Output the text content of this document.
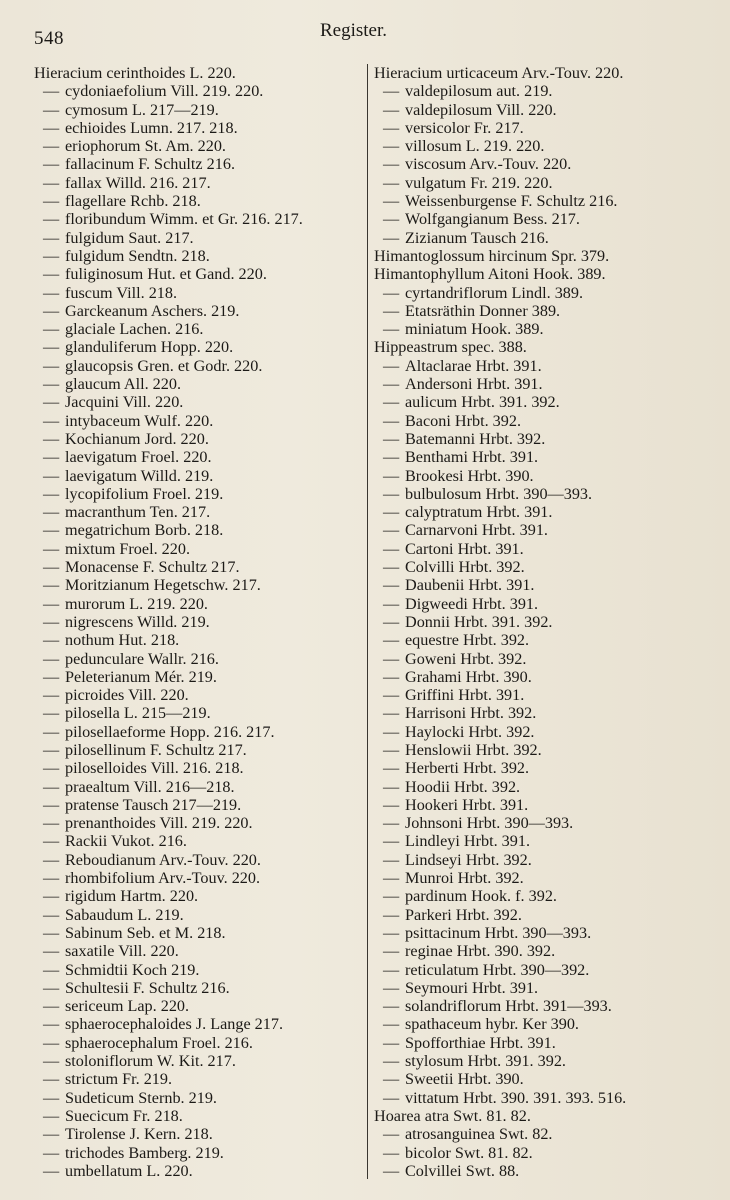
548	Register.
Hieracium cerinthoides L. 220.
— cydoniaefolium Vill. 219. 220.
— cymosum L. 217—219.
— echioides Lumn. 217. 218.
— eriophorum St. Am. 220.
— fallacinum F. Schultz 216.
— fallax Willd. 216. 217.
— flagellare Rchb. 218.
— floribundum Wimm. et Gr. 216. 217.
— fulgidum Saut. 217.
— fulgidum Sendtn. 218.
— fuliginosum Hut. et Gand. 220.
— fuscum Vill. 218.
— Garckeanum Aschers. 219.
— glaciale Lachen. 216.
— glanduliferum Hopp. 220.
— glaucopsis Gren. et Godr. 220.
— glaucum All. 220.
— Jacquini Vill. 220.
— intybaceum Wulf. 220.
— Kochianum Jord. 220.
— laevigatum Froel. 220.
— laevigatum Willd. 219.
— lycopifolium Froel. 219.
— macranthum Ten. 217.
— megatrichum Borb. 218.
— mixtum Froel. 220.
— Monacense F. Schultz 217.
— Moritzianum Hegetschw. 217.
— murorum L. 219. 220.
— nigrescens Willd. 219.
— nothum Hut. 218.
— pedunculare Wallr. 216.
— Peleterianum Mér. 219.
— picroides Vill. 220.
— pilosella L. 215—219.
— pilosellaeforme Hopp. 216. 217.
— pilosellinum F. Schultz 217.
— piloselloides Vill. 216. 218.
— praealtum Vill. 216—218.
— pratense Tausch 217—219.
— prenanthoides Vill. 219. 220.
— Rackii Vukot. 216.
— Reboudianum Arv.-Touv. 220.
— rhombifolium Arv.-Touv. 220.
— rigidum Hartm. 220.
— Sabaudum L. 219.
— Sabinum Seb. et M. 218.
— saxatile Vill. 220.
— Schmidtii Koch 219.
— Schultesii F. Schultz 216.
— sericeum Lap. 220.
— sphaerocephaloides J. Lange 217.
— sphaerocephalum Froel. 216.
— stoloniflorum W. Kit. 217.
— strictum Fr. 219.
— Sudeticum Sternb. 219.
— Suecicum Fr. 218.
— Tirolense J. Kern. 218.
— trichodes Bamberg. 219.
— umbellatum L. 220.
Hieracium urticaceum Arv.-Touv. 220.
— valdepilosum aut. 219.
— valdepilosum Vill. 220.
— versicolor Fr. 217.
— villosum L. 219. 220.
— viscosum Arv.-Touv. 220.
— vulgatum Fr. 219. 220.
— Weissenburgense F. Schultz 216.
— Wolfgangianum Bess. 217.
— Zizianum Tausch 216.
Himantoglossum hircinum Spr. 379.
Himantophyllum Aitoni Hook. 389.
— cyrtandriflorum Lindl. 389.
— Etatsräthin Donner 389.
— miniatum Hook. 389.
Hippeastrum spec. 388.
— Altaclarae Hrbt. 391.
— Andersoni Hrbt. 391.
— aulicum Hrbt. 391. 392.
— Baconi Hrbt. 392.
— Batemanni Hrbt. 392.
— Benthami Hrbt. 391.
— Brookesi Hrbt. 390.
— bulbulosum Hrbt. 390—393.
— calyptratum Hrbt. 391.
— Carnarvoni Hrbt. 391.
— Cartoni Hrbt. 391.
— Colvilli Hrbt. 392.
— Daubenii Hrbt. 391.
— Digweedi Hrbt. 391.
— Donnii Hrbt. 391. 392.
— equestre Hrbt. 392.
— Goweni Hrbt. 392.
— Grahami Hrbt. 390.
— Griffini Hrbt. 391.
— Harrisoni Hrbt. 392.
— Haylocki Hrbt. 392.
— Henslowii Hrbt. 392.
— Herberti Hrbt. 392.
— Hoodii Hrbt. 392.
— Hookeri Hrbt. 391.
— Johnsoni Hrbt. 390—393.
— Lindleyi Hrbt. 391.
— Lindseyi Hrbt. 392.
— Munroi Hrbt. 392.
— pardinum Hook. f. 392.
— Parkeri Hrbt. 392.
— psittacinum Hrbt. 390—393.
— reginae Hrbt. 390. 392.
— reticulatum Hrbt. 390—392.
— Seymouri Hrbt. 391.
— solandriflorum Hrbt. 391—393.
— spathaceum hybr. Ker 390.
— Spofforthiae Hrbt. 391.
— stylosum Hrbt. 391. 392.
— Sweetii Hrbt. 390.
— vittatum Hrbt. 390. 391. 393. 516.
Hoarea atra Swt. 81. 82.
— atrosanguinea Swt. 82.
— bicolor Swt. 81. 82.
— Colvillei Swt. 88.
